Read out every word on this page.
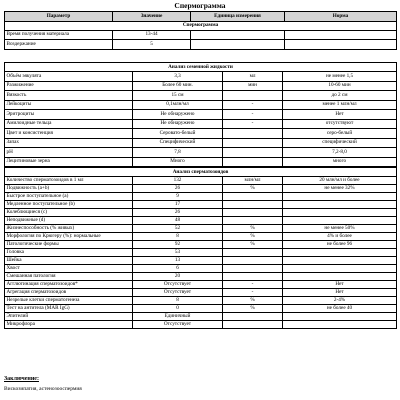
Спермограмма
Параметр	Значение	Единица измерения	Норма
Спермограмма			
Время получения материала	13-44		
Воздержание	5		
Анализ семенной жидкости			
Объём эякулята	3,3	мл	не менее 1,5
Разжижение	Более 60 мин.	мин	10-60 мин
Вязкость	15 см		до 2 см
Лейкоциты	0,1млн/мл	-	менее 1 млн/мл
Эритроциты	Не обнаружено	-	Нет
Амилоидные тельца	Не обнаружено	-	отсутствуют
Цвет и консистенция	Серовато-белый		серо-белый
Запах	Специфический		специфический
pH	7,8		7,2-8,0
Лецитиновые зерна	Много		много
Анализ сперматозоидов			
Количество сперматозоидов в 1 мл	132	млн/мл	20 млн/мл и более
Подвижность (a+b)	26	%	не менее 32%
Быстрое поступательное (a)	9		
Медленное поступательное (b)	17		
Колеблющиеся (c)	26		
Неподвижные (d)	48		
Жизнеспособность (% живых)	52	%	не менее 50%
Морфология по Крюгеру (%): нормальные	8	%	4% и более
Патологические формы	92	%	не более 96
Головка	53		
Шейка	13		
Хвост	6		
Смешанная патология	20		
Агглютинация сперматозоидов*	Отсутствует	-	Нет
Агрегация сперматозоидов	Отсутствует	-	Нет
Незрелые клетки сперматогенеза	8	%	2-4%
Тест на антитела (MAR IgG)	0	%	не более 40
Эпителий	Единичный		
Микрофлора	Отсутствует		
Заключение:
Вискозипатия, астенозооспермия
